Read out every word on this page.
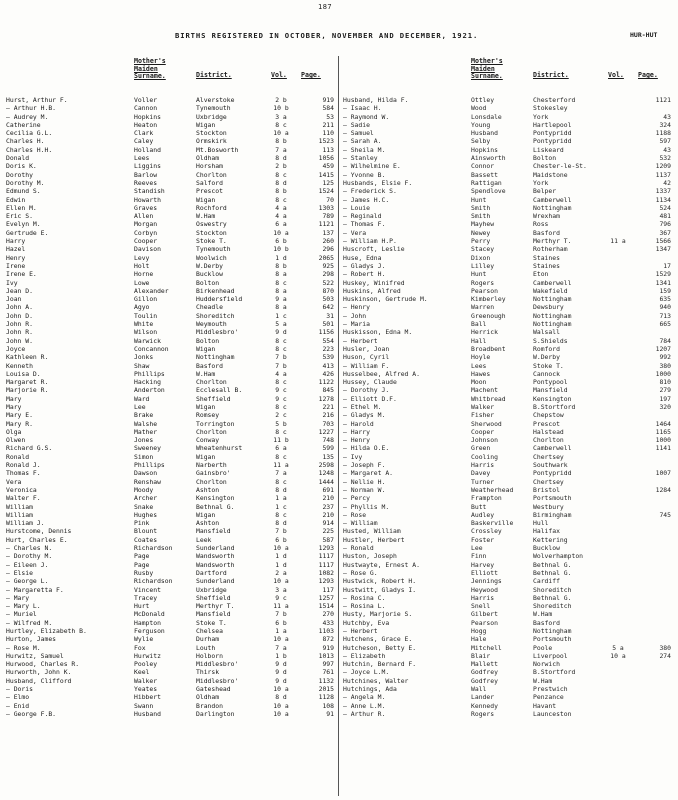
187
BIRTHS REGISTERED IN OCTOBER, NOVEMBER AND DECEMBER, 1921.	HUR-HUT
Mother's Maiden Surname.	District.	Vol. Page.
Hurst, Arthur F.	Voller	Alverstoke	2 b	919
— Arthur H.B.	Cannon	Tynemouth	10 b	584
— Audrey M.	Hopkins	Uxbridge	3 a	53
Catherine	Heaton	Wigan	8 c	211
Cecilia G.L.	Clark	Stockton	10 a	110
Charles H.	Caley	Ormskirk	8 b	1523
Charles H.H.	Holland	Mt.Bosworth	7 a	113
Donald	Lees	Oldham	8 d	1056
Doris K.	Liggins	Horsham	2 b	459
Dorothy	Barlow	Chorlton	8 c	1415
Dorothy M.	Reeves	Salford	8 d	125
Edmund S.	Standish	Prescot	8 b	1524
Edwin	Howarth	Wigan	8 c	70
Ellen M.	Graves	Rochford	4 a	1303
Eric S.	Allen	W.Ham	4 a	789
Evelyn M.	Morgan	Oswestry	6 a	1121
Gertrude E.	Corbyn	Stockton	10 a	137
Harry	Cooper	Stoke T.	6 b	260
Hazel	Davison	Tynemouth	10 b	296
Henry	Levy	Woolwich	1 d	2065
Irene	Holt	W.Derby	8 b	925
Irene E.	Horne	Bucklow	8 a	298
Ivy	Lowe	Bolton	8 c	522
Jean D.	Alexander	Birkenhead	8 a	870
Joan	Gillon	Huddersfield	9 a	503
John A.	Agyo	Cheadle	8 a	642
John D.	Toulin	Shoreditch	1 c	31
John R.	White	Weymouth	5 a	501
John R.	Wilson	Middlesbro'	9 d	1156
John W.	Warwick	Bolton	8 c	554
Joyce	Concannon	Wigan	8 c	223
Kathleen R.	Jonks	Nottingham	7 b	539
Kenneth	Shaw	Basford	7 b	413
Louisa D.	Phillips	W.Ham	4 a	426
Margaret R.	Hacking	Chorlton	8 c	1122
Marjorie R.	Anderton	Ecclesall B.	9 c	845
Mary	Ward	Sheffield	9 c	1278
Mary	Lee	Wigan	8 c	221
Mary E.	Brake	Romsey	2 c	216
Mary R.	Walshe	Torrington	5 b	703
Olga	Mather	Chorlton	8 c	1227
Olwen	Jones	Conway	11 b	748
Richard G.S.	Sweeney	Wheatenhurst	6 a	599
Ronald	Simon	Wigan	8 c	135
Ronald J.	Phillips	Narberth	11 a	2598
Thomas F.	Dawson	Gainsbro'	7 a	1248
Vera	Renshaw	Chorlton	8 c	1444
Veronica	Moody	Ashton	8 d	691
Walter F.	Archer	Kensington	1 a	210
William	Snake	Bethnal G.	1 c	237
William	Hughes	Wigan	8 c	210
William J.	Pink	Ashton	8 d	914
Hurstcome, Dennis	Blount	Mansfield	7 b	225
Hurt, Charles E.	Coates	Leek	6 b	587
— Charles N.	Richardson	Sunderland	10 a	1293
— Dorothy M.	Page	Wandsworth	1 d	1117
— Eileen J.	Page	Wandsworth	1 d	1117
— Elsie	Rusby	Dartford	2 a	1082
— George L.	Richardson	Sunderland	10 a	1293
— Margaretta F.	Vincent	Uxbridge	3 a	117
— Mary	Tracey	Sheffield	9 c	1257
— Mary L.	Hurt	Merthyr T.	11 a	1514
— Muriel	McDonald	Mansfield	7 b	270
— Wilfred M.	Hampton	Stoke T.	6 b	433
Hurtley, Elizabeth B.	Ferguson	Chelsea	1 a	1103
Hurton, James	Wylie	Durham	10 a	872
— Rose M.	Fox	Louth	7 a	919
Hurwitz, Samuel	Hurwitz	Holborn	1 b	1013
Hurwood, Charles R.	Pooley	Middlesbro'	9 d	997
Hurworth, John K.	Keel	Thirsk	9 d	761
Husband, Clifford	Walker	Middlesbro'	9 d	1132
— Doris	Yeates	Gateshead	10 a	2015
— Elmo	Hibbert	Oldham	8 d	1128
— Enid	Swann	Brandon	10 a	108
— George F.B.	Husband	Darlington	10 a	91
Mother's Maiden Surname.	District.	Vol. Page.
Husband, Hilda F.	Ottley	Chesterford	1121
— Isaac H.	Wood	Stokesley
— Raymond W.	Lonsdale	York	43
— Sadie	Young	Hartlepool	324
— Samuel	Husband	Pontypridd	1188
— Sarah A.	Selby	Pontypridd	597
— Sheila M.	Hopkins	Liskeard	43
— Stanley	Ainsworth	Bolton	532
— Wilhelmine E.	Connor	Chester-le-St.	1209
— Yvonne B.	Bassett	Maidstone	1137
Husbands, Elsie F.	Rattigan	York	42
— Frederick S.	Spendlove	Belper	1337
— James H.C.	Hunt	Camberwell	1134
— Louie	Smith	Nottingham	524
— Reginald	Smith	Wrexham	481
— Thomas F.	Mayhew	Ross	796
— Vera	Newey	Basford	367
— William H.P.	Perry	Merthyr T.	11 a	1566
Huscroft, Leslie	Stacey	Rotherham	1347
Huse, Edna	Dixon	Staines
— Gladys J.	Lilley	Staines	17
— Robert H.	Hunt	Eton	1529
Huskey, Winifred	Rogers	Camberwell	1341
Huskins, Alfred	Pearson	Wakefield	159
Huskinson, Gertrude M.	Kimberley	Nottingham	635
— Henry	Warren	Dewsbury	940
— John	Greenough	Nottingham	713
— Maria	Ball	Nottingham	665
Huskisson, Edna M.	Herrick	Walsall
— Herbert	Hall	S.Shields	784
Husler, Joan	Broadbent	Romford	1207
Huson, Cyril	Hoyle	W.Derby	992
— William F.	Lees	Stoke T.	380
Husselbee, Alfred A.	Hawes	Cannock	1000
Hussey, Claude	Moon	Pontypool	810
— Dorothy J.	Machent	Mansfield	279
— Elliott D.F.	Whitbread	Kensington	197
— Ethel M.	Walker	B.Stortford	320
— Gladys M.	Fisher	Chepstow
— Harold	Sherwood	Prescot	1464
— Harry	Cooper	Halstead	1165
— Henry	Johnson	Chorlton	1000
— Hilda O.E.	Green	Camberwell	1141
— Ivy	Cooling	Chertsey
— Joseph F.	Harris	Southwark
— Margaret A.	Davey	Pontypridd	1007
— Nellie H.	Turner	Chertsey
— Norman W.	Weatherhead	Bristol	1284
— Percy	Frampton	Portsmouth
— Phyllis M.	Butt	Westbury
— Rose	Audley	Birmingham	745
— William	Baskerville	Hull
Husted, William	Crossley	Halifax
Hustler, Herbert	Foster	Kettering
— Ronald	Lee	Bucklow
Huston, Joseph	Finn	Wolverhampton
Hustwayte, Ernest A.	Harvey	Bethnal G.
— Rose G.	Elliott	Bethnal G.
Hustwick, Robert H.	Jennings	Cardiff
Hustwitt, Gladys I.	Heywood	Shoreditch
— Rosina C.	Harris	Bethnal G.
— Rosina L.	Snell	Shoreditch
Husty, Marjorie S.	Gilbert	W.Ham
Hutchby, Eva	Pearson	Basford
— Herbert	Hogg	Nottingham
Hutchens, Grace E.	Hale	Portsmouth
Hutcheson, Betty E.	Mitchell	Poole	5 a	380
— Elizabeth	Blair	Liverpool	10 a	274
Hutchin, Bernard F.	Mallett	Norwich
— Joyce L.M.	Godfrey	B.Stortford
Hutchines, Walter	Godfrey	W.Ham
Hutchings, Ada	Wall	Prestwich
— Angela M.	Lander	Penzance
— Anne L.M.	Kennedy	Havant
— Arthur R.	Rogers	Launceston
